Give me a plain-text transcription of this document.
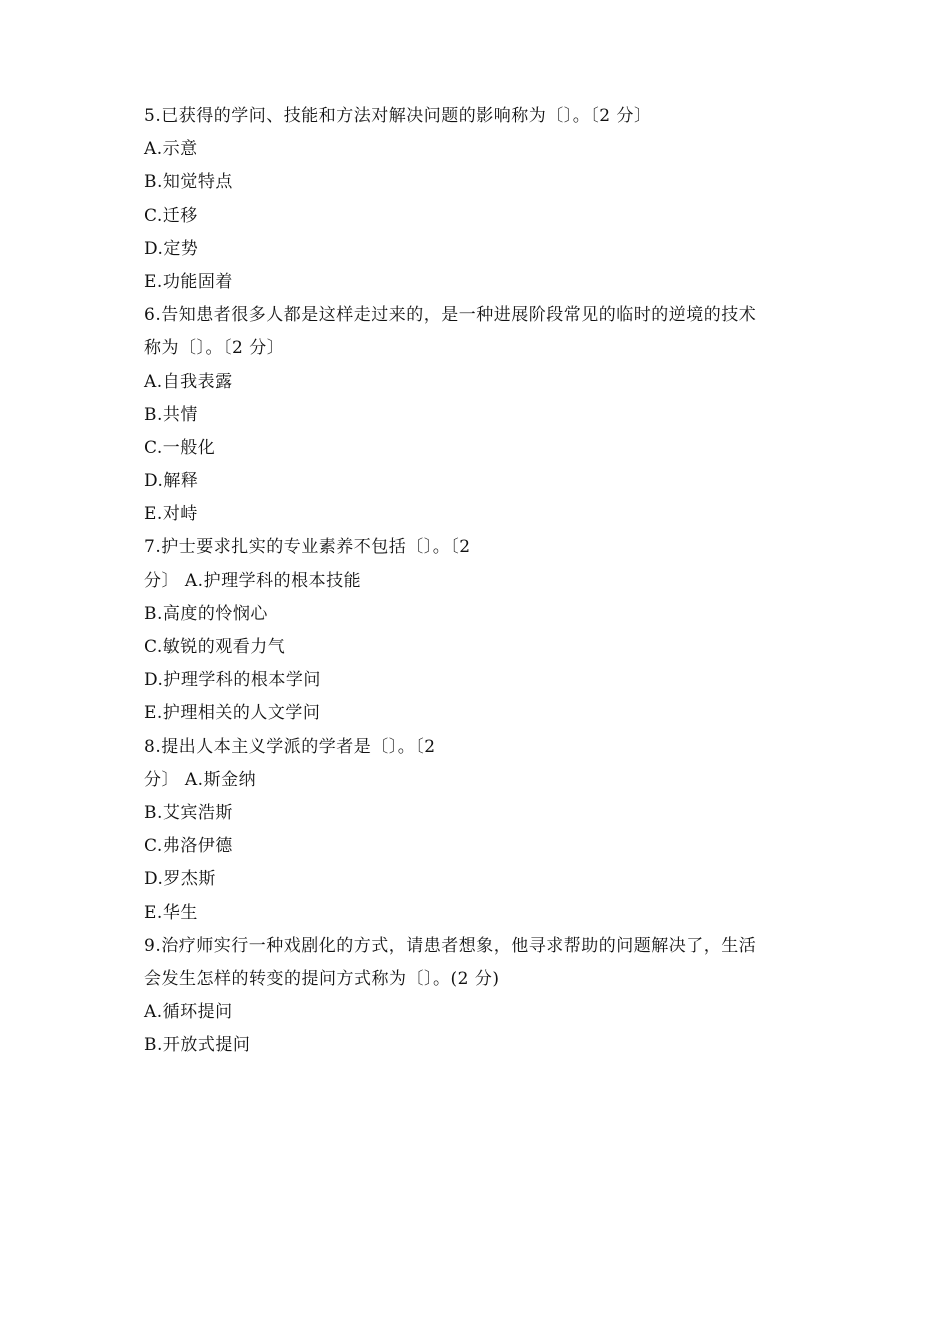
5.已获得的学问、技能和方法对解决问题的影响称为〔〕。〔2 分〕
A.示意
B.知觉特点
C.迁移
D.定势
E.功能固着
6.告知患者很多人都是这样走过来的，是一种进展阶段常见的临时的逆境的技术
称为〔〕。〔2 分〕
A.自我表露
B.共情
C.一般化
D.解释
E.对峙
7.护士要求扎实的专业素养不包括〔〕。〔2
分〕 A.护理学科的根本技能
B.高度的怜悯心
C.敏锐的观看力气
D.护理学科的根本学问
E.护理相关的人文学问
8.提出人本主义学派的学者是〔〕。〔2
分〕 A.斯金纳
B.艾宾浩斯
C.弗洛伊德
D.罗杰斯
E.华生
9.治疗师实行一种戏剧化的方式，请患者想象，他寻求帮助的问题解决了，生活
会发生怎样的转变的提问方式称为〔〕。(2 分)
A.循环提问
B.开放式提问
